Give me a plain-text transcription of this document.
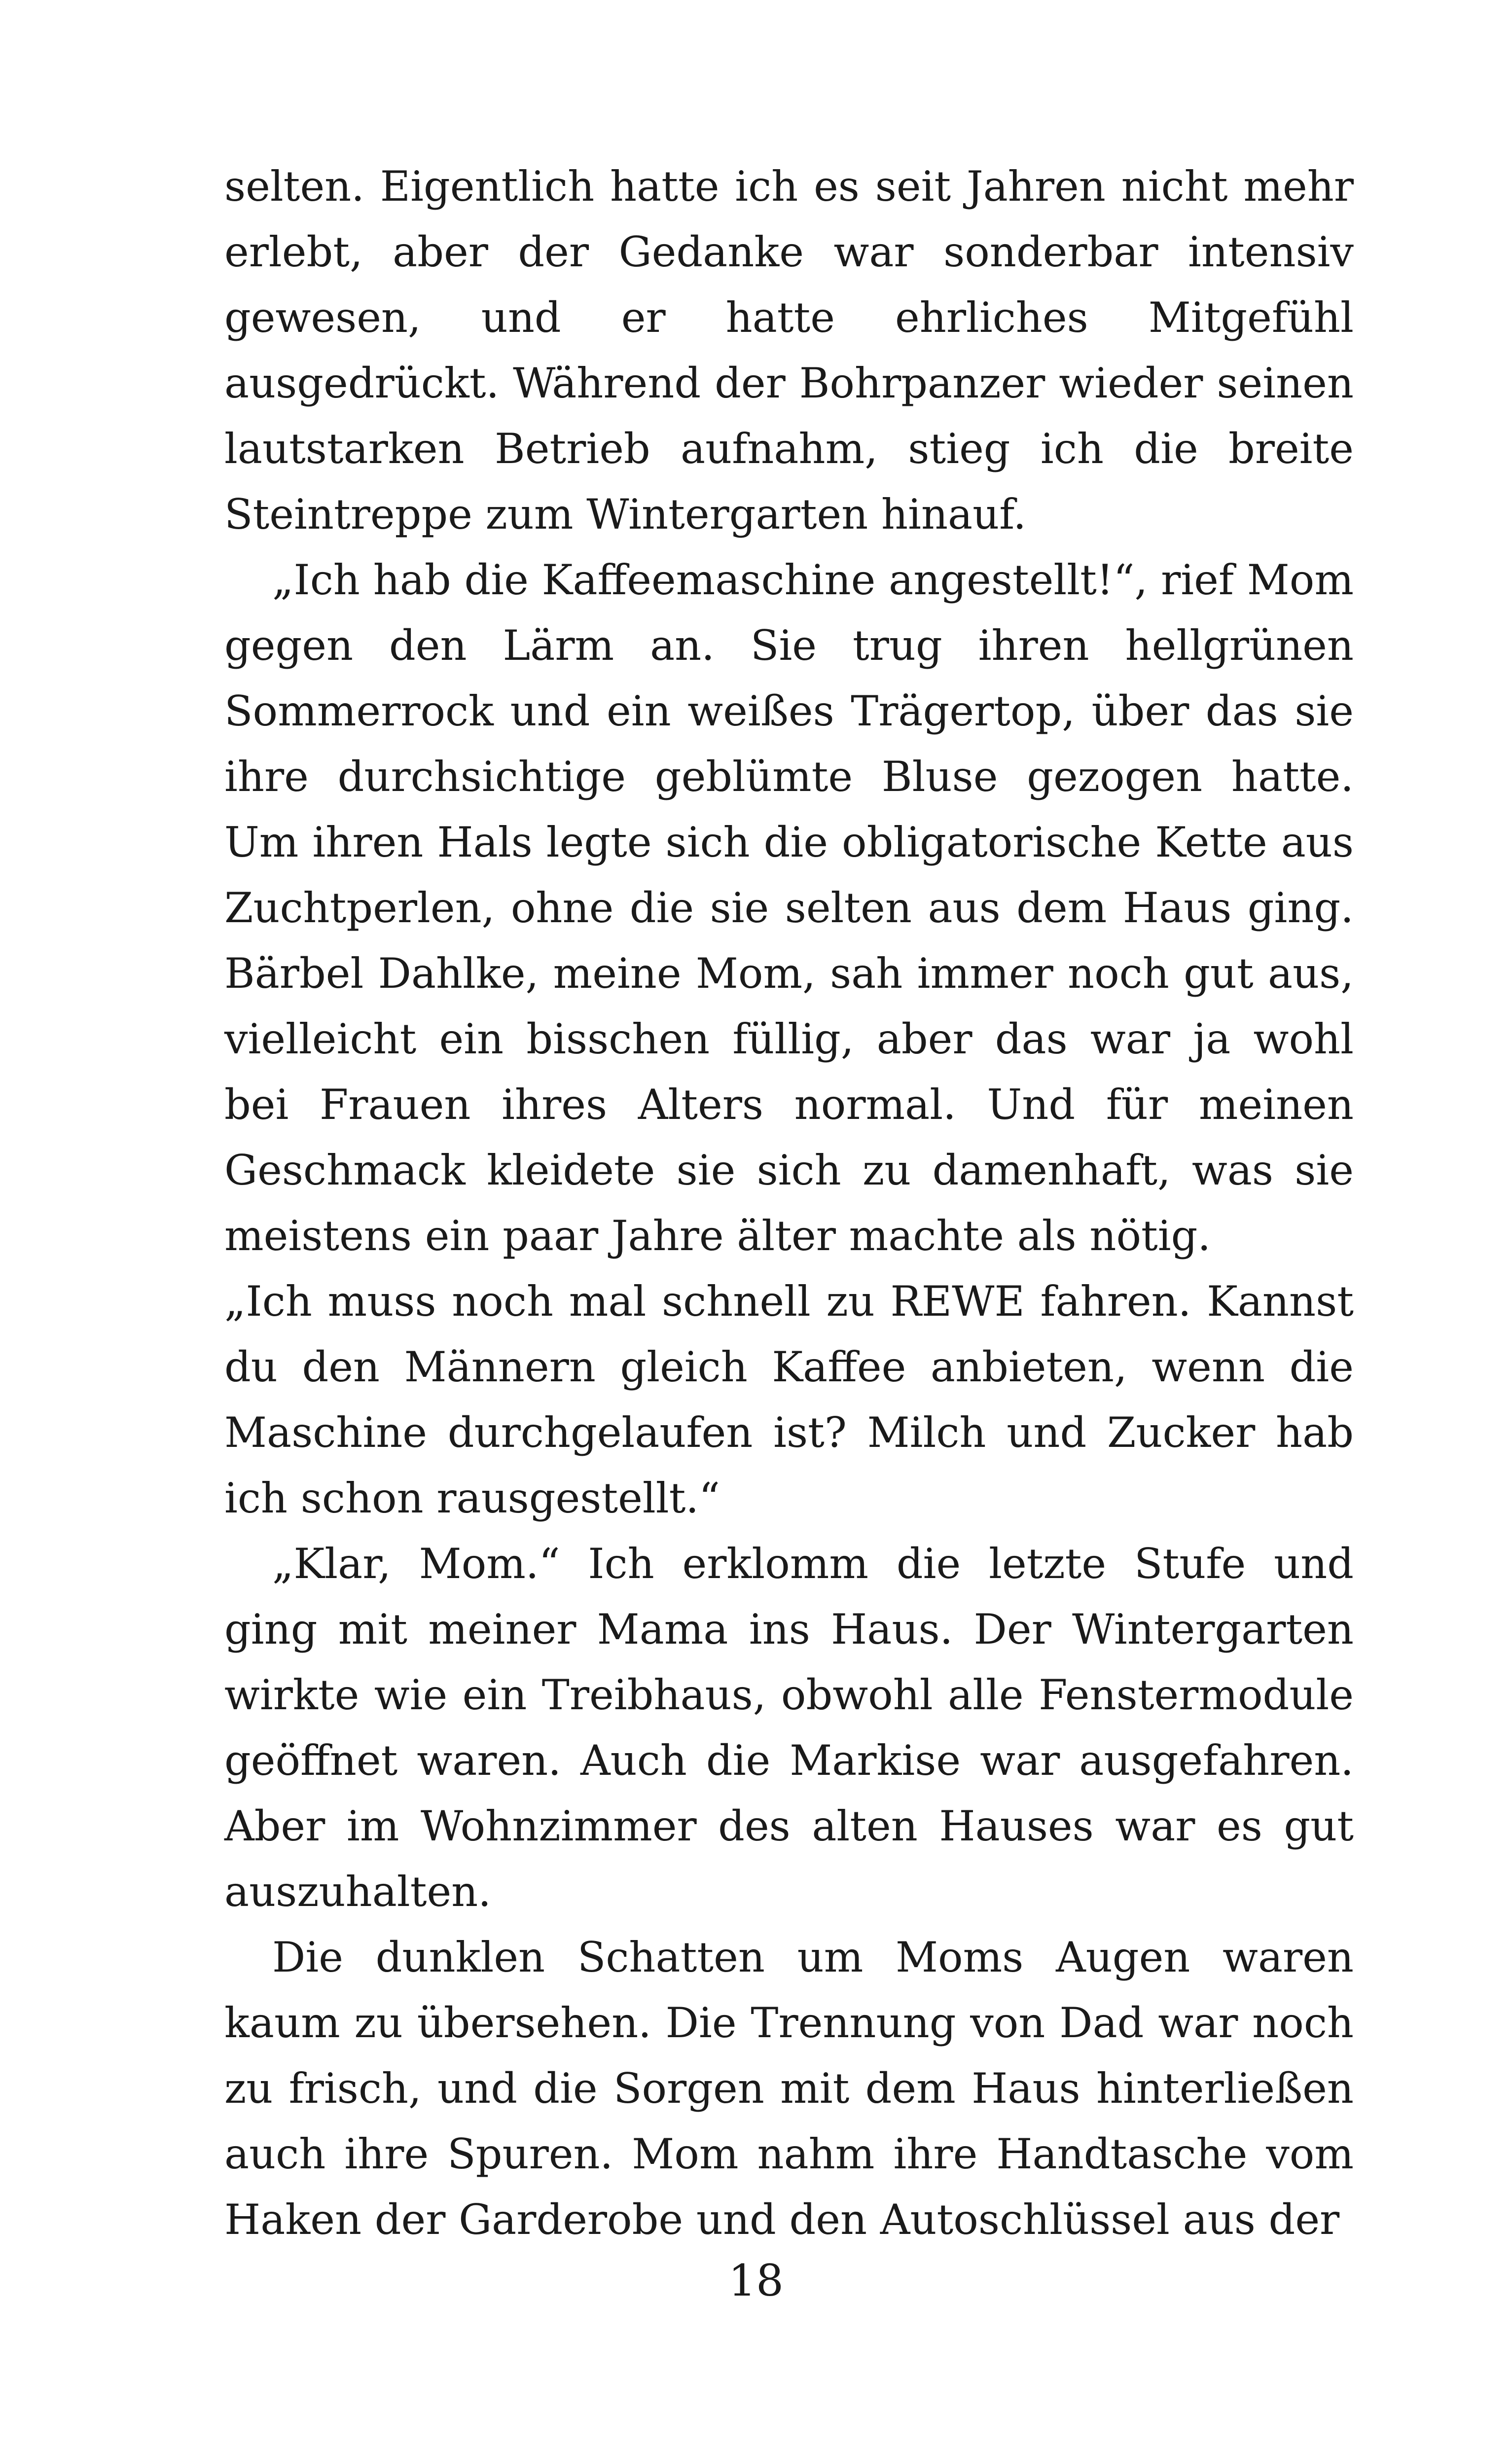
selten. Eigentlich hatte ich es seit Jahren nicht mehr erlebt, aber der Gedanke war sonderbar intensiv gewesen, und er hatte ehrliches Mitgefühl ausgedrückt. Während der Bohrpanzer wieder seinen lautstarken Betrieb aufnahm, stieg ich die breite Steintreppe zum Wintergarten hinauf.

„Ich hab die Kaffeemaschine angestellt!“, rief Mom gegen den Lärm an. Sie trug ihren hellgrünen Sommerrock und ein weißes Trägertop, über das sie ihre durchsichtige geblümte Bluse gezogen hatte. Um ihren Hals legte sich die obligatorische Kette aus Zuchtperlen, ohne die sie selten aus dem Haus ging. Bärbel Dahlke, meine Mom, sah immer noch gut aus, vielleicht ein bisschen füllig, aber das war ja wohl bei Frauen ihres Alters normal. Und für meinen Geschmack kleidete sie sich zu damenhaft, was sie meistens ein paar Jahre älter machte als nötig.

„Ich muss noch mal schnell zu REWE fahren. Kannst du den Männern gleich Kaffee anbieten, wenn die Maschine durchgelaufen ist? Milch und Zucker hab ich schon rausgestellt.“

„Klar, Mom.“ Ich erklomm die letzte Stufe und ging mit meiner Mama ins Haus. Der Wintergarten wirkte wie ein Treibhaus, obwohl alle Fenstermodule geöffnet waren. Auch die Markise war ausgefahren. Aber im Wohnzimmer des alten Hauses war es gut auszuhalten.

Die dunklen Schatten um Moms Augen waren kaum zu übersehen. Die Trennung von Dad war noch zu frisch, und die Sorgen mit dem Haus hinterließen auch ihre Spuren. Mom nahm ihre Handtasche vom Haken der Garderobe und den Autoschlüssel aus der

18
